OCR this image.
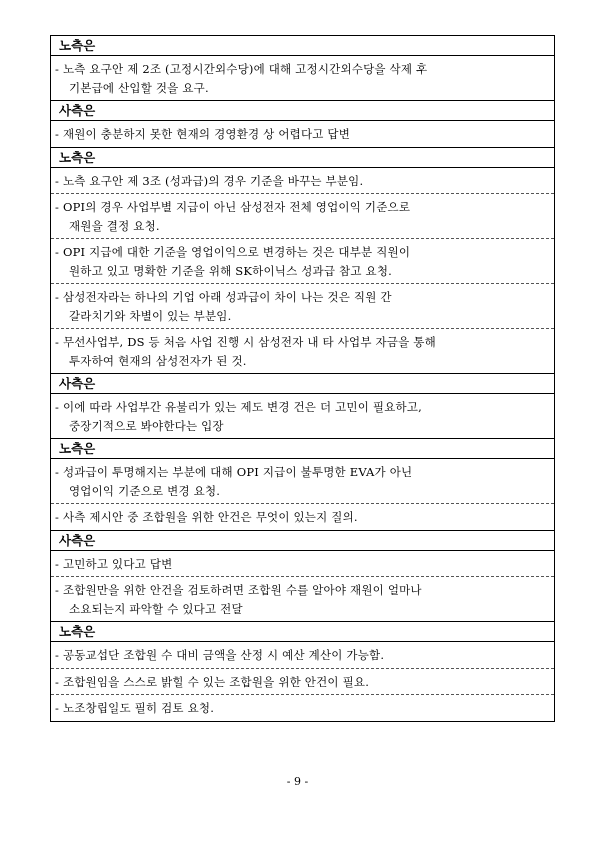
노측은
- 노측 요구안 제 2조 (고정시간외수당)에 대해 고정시간외수당을 삭제 후
기본급에 산입할 것을 요구.
사측은
- 재원이 충분하지 못한 현재의 경영환경 상 어렵다고 답변
노측은
- 노측 요구안 제 3조 (성과급)의 경우 기준을 바꾸는 부분임.
- OPI의 경우 사업부별 지급이 아닌 삼성전자 전체 영업이익 기준으로
재원을 결정 요청.
- OPI 지급에 대한 기준을 영업이익으로 변경하는 것은 대부분 직원이
원하고 있고 명확한 기준을 위해 SK하이닉스 성과급 참고 요청.
- 삼성전자라는 하나의 기업 아래 성과급이 차이 나는 것은 직원 간
갈라치기와 차별이 있는 부분임.
- 무선사업부, DS 등 처음 사업 진행 시 삼성전자 내 타 사업부 자금을 통해
투자하여 현재의 삼성전자가 된 것.
사측은
- 이에 따라 사업부간 유불리가 있는 제도 변경 건은 더 고민이 필요하고,
중장기적으로 봐야한다는 입장
노측은
- 성과급이 투명해지는 부분에 대해 OPI 지급이 불투명한 EVA가 아닌
영업이익 기준으로 변경 요청.
- 사측 제시안 중 조합원을 위한 안건은 무엇이 있는지 질의.
사측은
- 고민하고 있다고 답변
- 조합원만을 위한 안건을 검토하려면 조합원 수를 알아야 재원이 얼마나
소요되는지 파악할 수 있다고 전달
노측은
- 공동교섭단 조합원 수 대비 금액을 산정 시 예산 계산이 가능함.
- 조합원임을 스스로 밝힐 수 있는 조합원을 위한 안건이 필요.
- 노조창립일도 필히 검토 요청.
- 9 -
